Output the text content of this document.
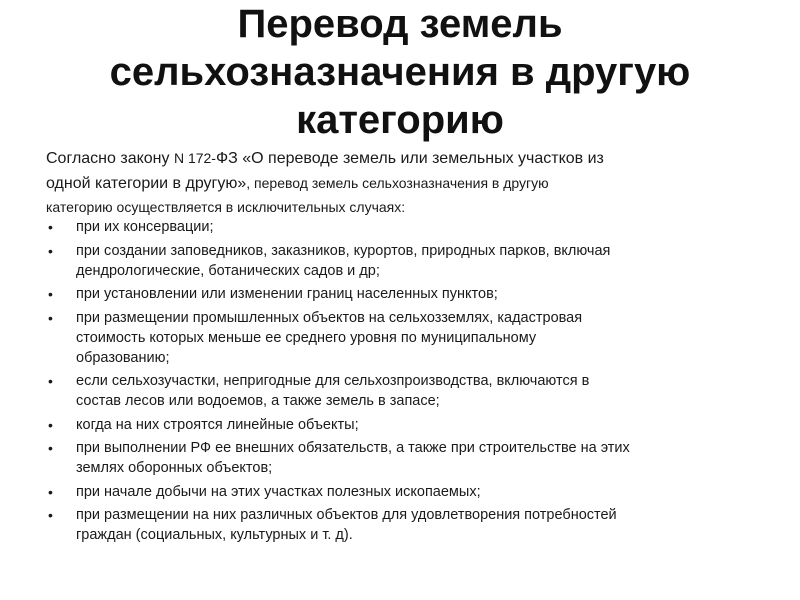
Перевод земель
сельхозназначения в другую
категорию
Согласно закону N 172-ФЗ «О переводе земель или земельных участков из
одной категории в другую», перевод земель сельхозназначения в другую
категорию осуществляется в исключительных случаях:
• при их консервации;
• при создании заповедников, заказников, курортов, природных парков, включая
дендрологические, ботанических садов и др;
• при установлении или изменении границ населенных пунктов;
• при размещении промышленных объектов на сельхозземлях, кадастровая
стоимость которых меньше ее среднего уровня по муниципальному
образованию;
• если сельхозучастки, непригодные для сельхозпроизводства, включаются в
состав лесов или водоемов, а также земель в запасе;
• когда на них строятся линейные объекты;
• при выполнении РФ ее внешних обязательств, а также при строительстве на этих
землях оборонных объектов;
• при начале добычи на этих участках полезных ископаемых;
• при размещении на них различных объектов для удовлетворения потребностей
граждан (социальных, культурных и т. д).
